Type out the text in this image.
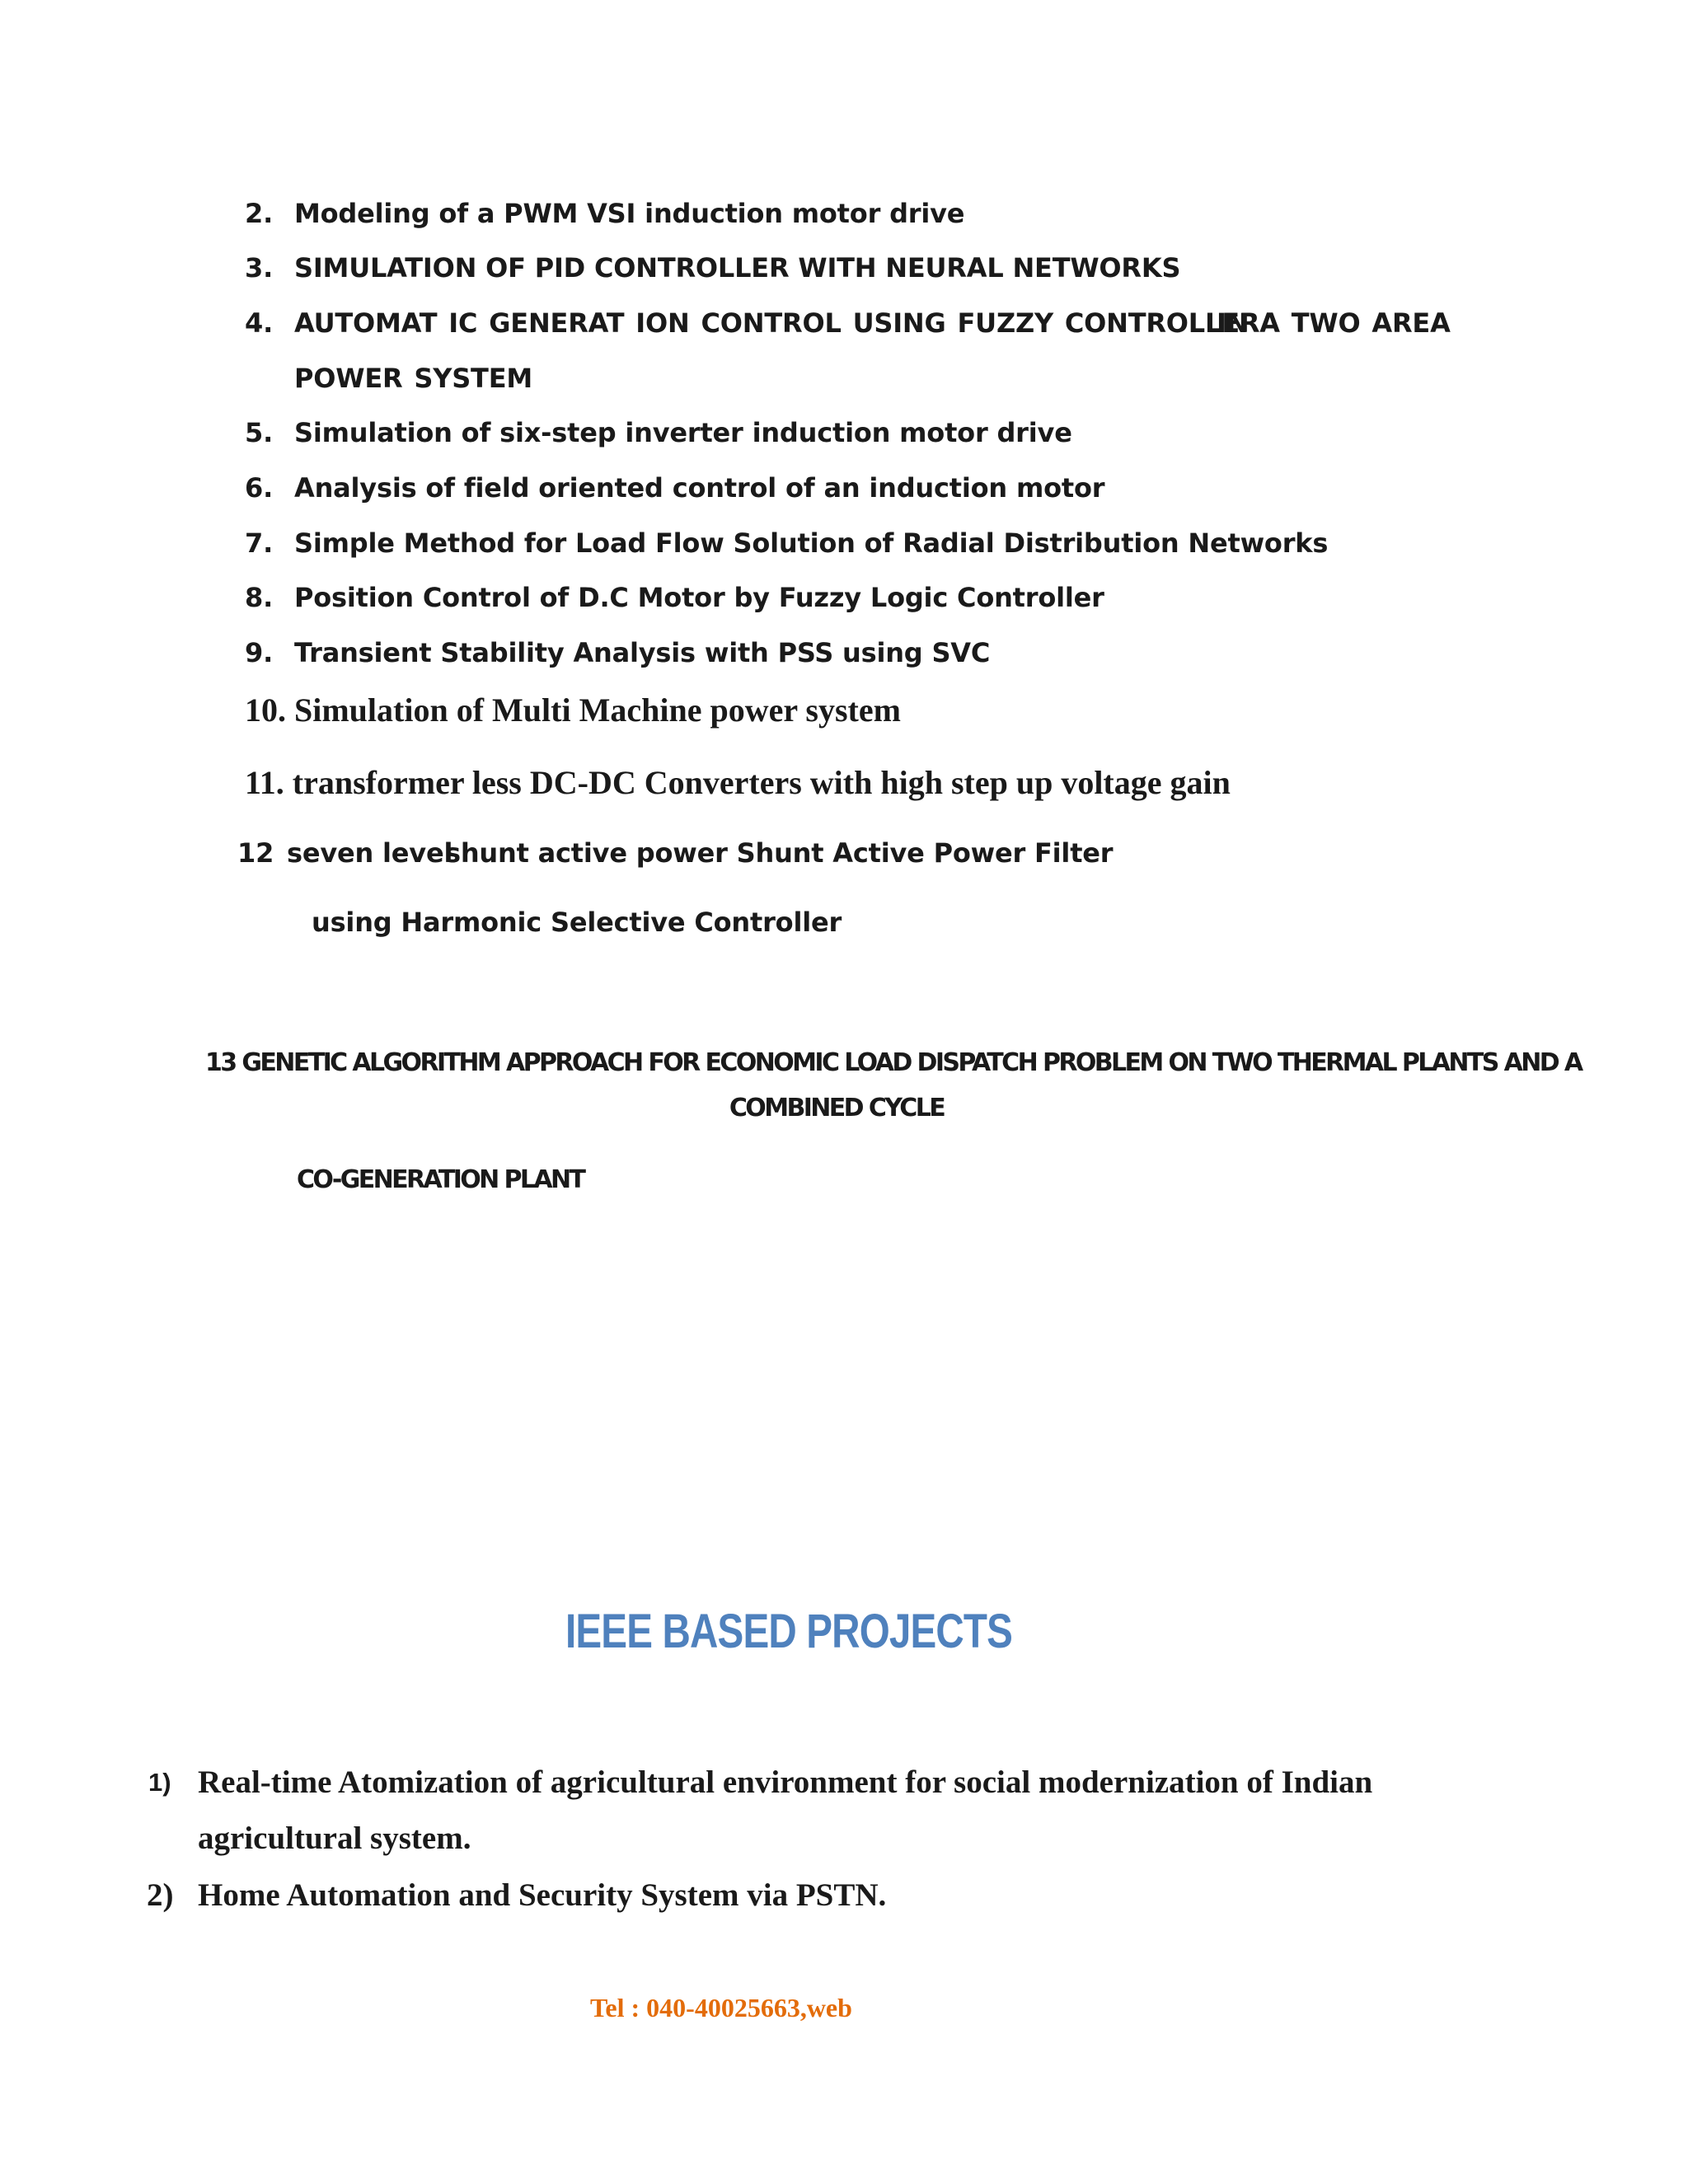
2. Modeling of a PWM VSI induction motor drive
3. SIMULATION OF PID CONTROLLER WITH NEURAL NETWORKS
4. AUTOMAT IC GENERAT ION CONTROL USING FUZZY CONTROLLER
IN A TWO AREA
POWER SYSTEM
5. Simulation of six-step inverter induction motor drive
6. Analysis of field oriented control of an induction motor
7. Simple Method for Load Flow Solution of Radial Distribution Networks
8. Position Control of D.C Motor by Fuzzy Logic Controller
9. Transient Stability Analysis with PSS using SVC
10. Simulation of Multi Machine power system
11. transformer less DC-DC Converters with high step up voltage gain
12 seven level
shunt active power Shunt Active Power Filter
using Harmonic Selective Controller
13 GENETIC ALGORITHM APPROACH FOR ECONOMIC LOAD DISPATCH PROBLEM ON TWO THERMAL PLANTS AND A
COMBINED CYCLE
CO-GENERATION PLANT
IEEE BASED PROJECTS
1) Real-time Atomization of agricultural environment for social modernization of Indian
agricultural system.
2) Home Automation and Security System via PSTN.
Tel : 040-40025663,web
